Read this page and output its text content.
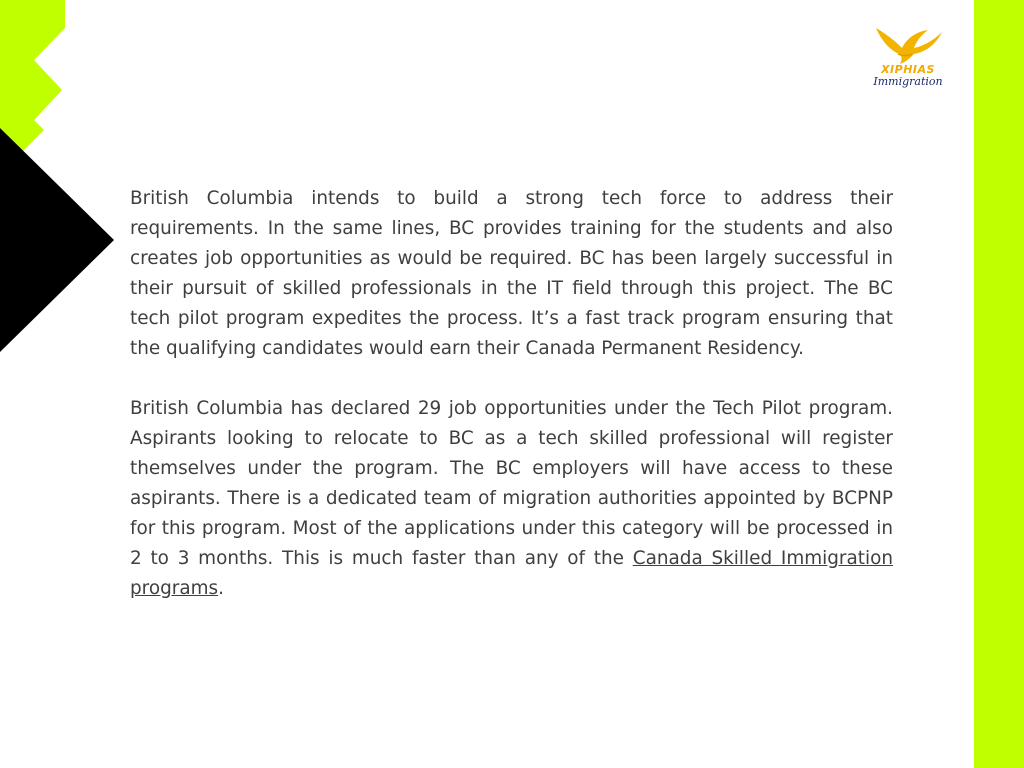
XIPHIAS
Immigration

British Columbia intends to build a strong tech force to address their requirements. In the same lines, BC provides training for the students and also creates job opportunities as would be required. BC has been largely successful in their pursuit of skilled professionals in the IT field through this project. The BC tech pilot program expedites the process. It’s a fast track program ensuring that the qualifying candidates would earn their Canada Permanent Residency.

British Columbia has declared 29 job opportunities under the Tech Pilot program. Aspirants looking to relocate to BC as a tech skilled professional will register themselves under the program. The BC employers will have access to these aspirants. There is a dedicated team of migration authorities appointed by BCPNP for this program. Most of the applications under this category will be processed in 2 to 3 months. This is much faster than any of the Canada Skilled Immigration programs.
